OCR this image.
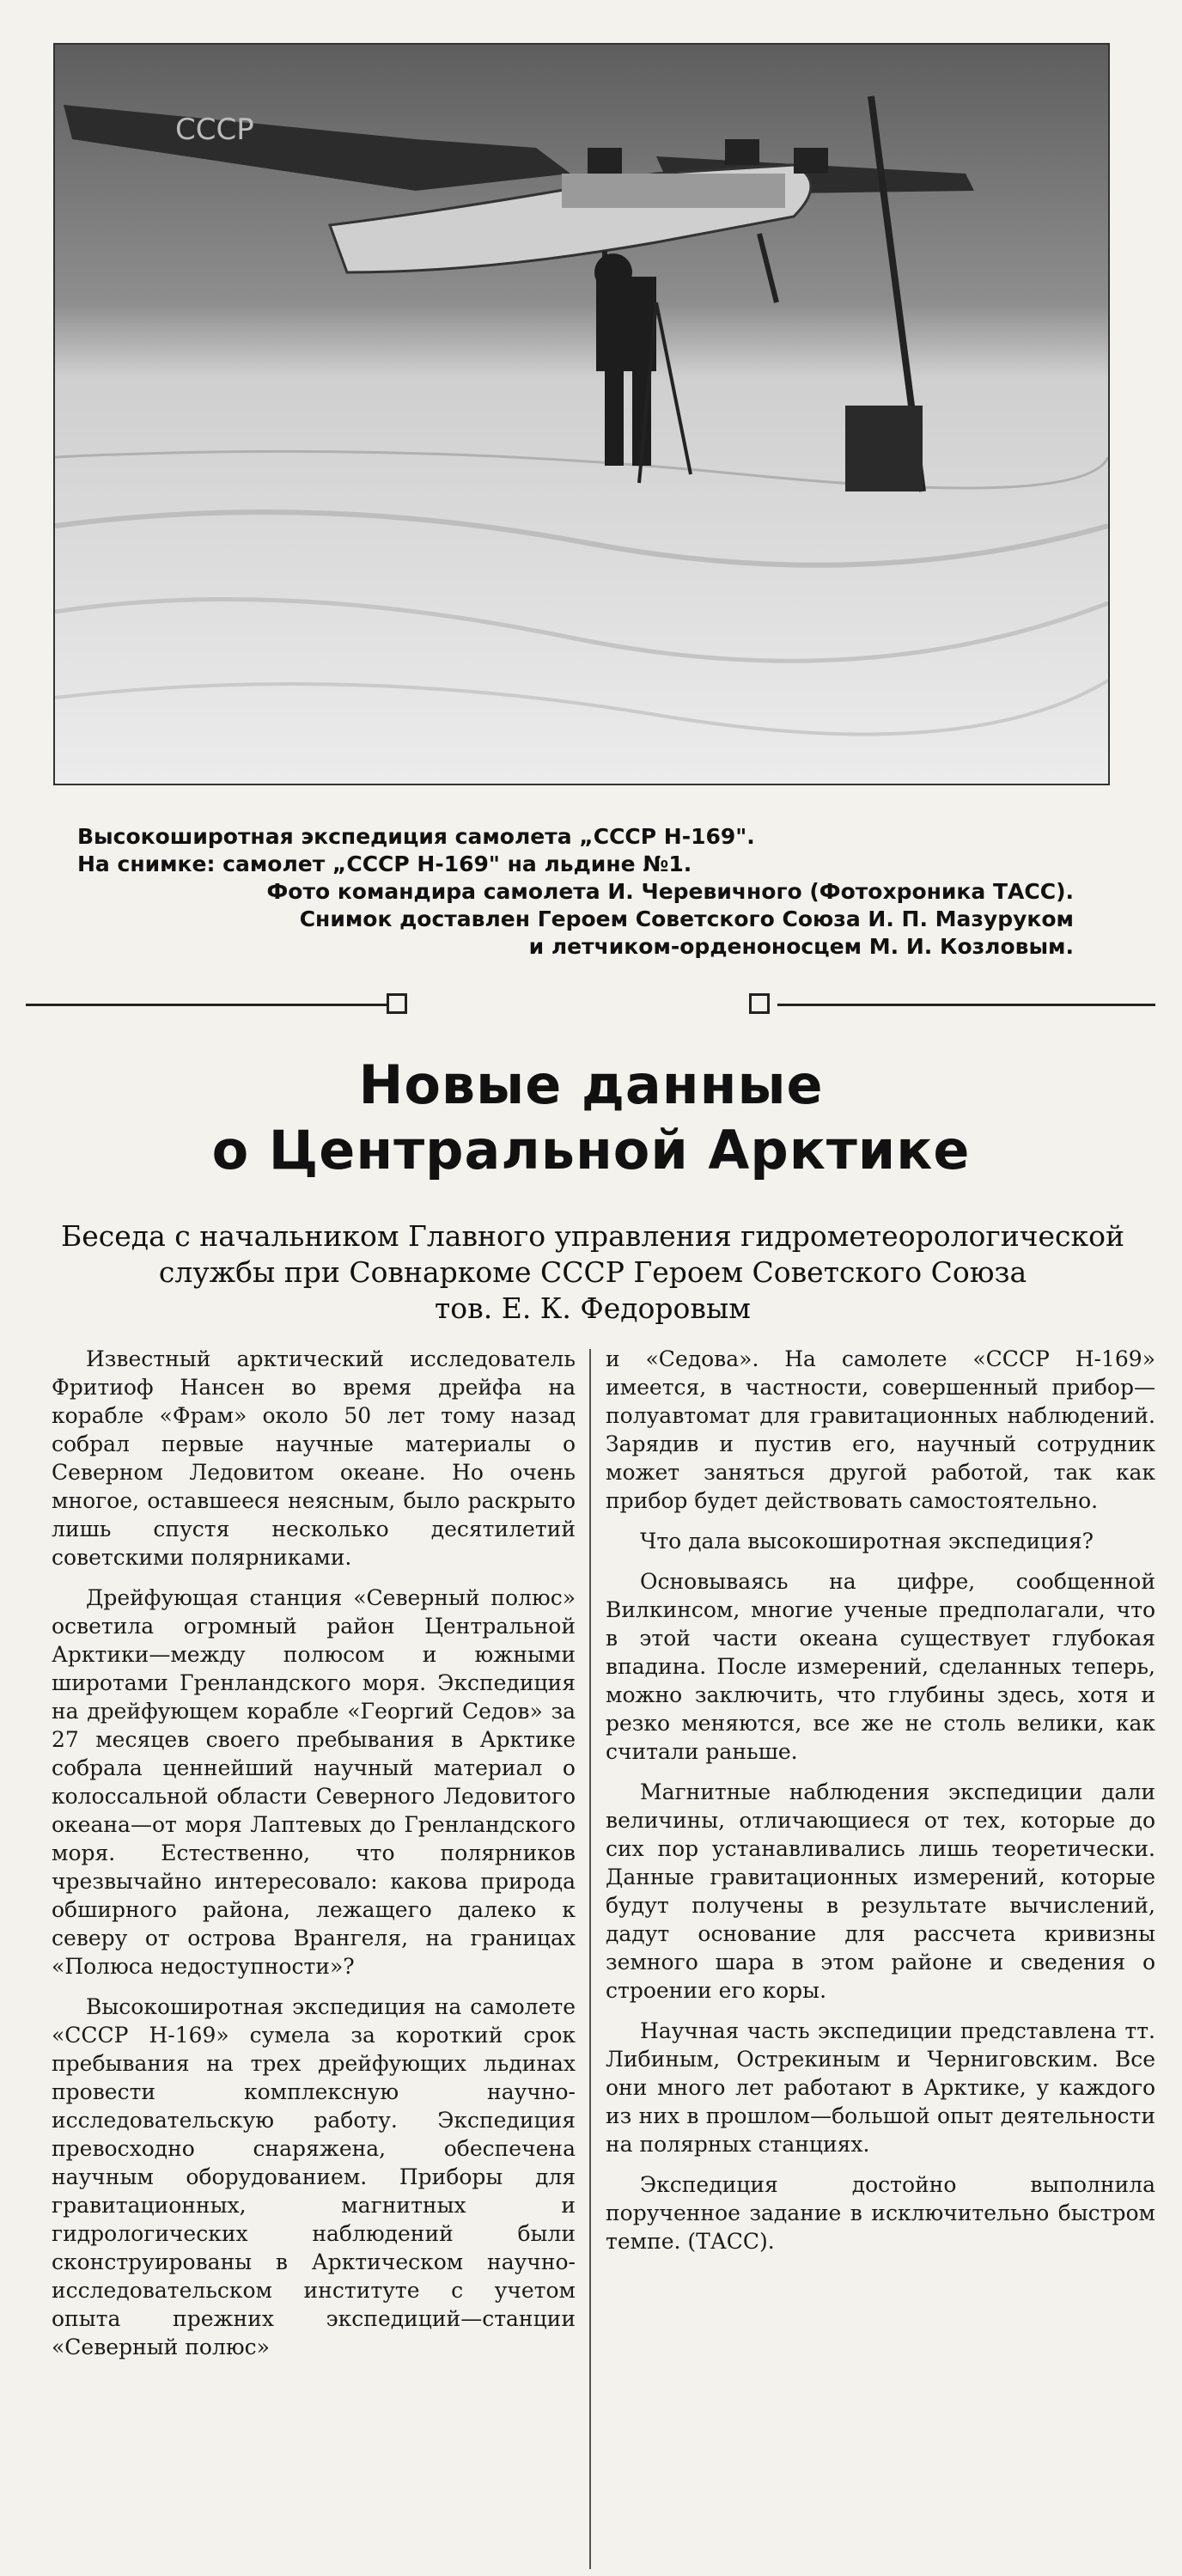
СССР
Высокоширотная экспедиция самолета „СССР Н-169".
На снимке: самолет „СССР Н-169" на льдине №1.
Фото командира самолета И. Черевичного (Фотохроника ТАСС).
Снимок доставлен Героем Советского Союза И. П. Мазуруком
и летчиком-орденоносцем М. И. Козловым.
Новые данные
о Центральной Арктике
Беседа с начальником Главного управления гидрометеорологической
службы при Совнаркоме СССР Героем Советского Союза
тов. Е. К. Федоровым

Известный арктический исследователь Фритиоф Нансен во время дрейфа на корабле «Фрам» около 50 лет тому назад собрал первые научные материалы о Северном Ледовитом океане. Но очень многое, оставшееся неясным, было раскрыто лишь спустя несколько десятилетий советскими полярниками.

Дрейфующая станция «Северный полюс» осветила огромный район Центральной Арктики—между полюсом и южными широтами Гренландского моря. Экспедиция на дрейфующем корабле «Георгий Седов» за 27 месяцев своего пребывания в Арктике собрала ценнейший научный материал о колоссальной области Северного Ледовитого океана—от моря Лаптевых до Гренландского моря. Естественно, что полярников чрезвычайно интересовало: какова природа обширного района, лежащего далеко к северу от острова Врангеля, на границах «Полюса недоступности»?

Высокоширотная экспедиция на самолете «СССР Н-169» сумела за короткий срок пребывания на трех дрейфующих льдинах провести комплексную научно-исследовательскую работу. Экспедиция превосходно снаряжена, обеспечена научным оборудованием. Приборы для гравитационных, магнитных и гидрологических наблюдений были сконструированы в Арктическом научно-исследовательском институте с учетом опыта прежних экспедиций—станции «Северный полюс»

и «Седова». На самолете «СССР Н-169» имеется, в частности, совершенный прибор—полуавтомат для гравитационных наблюдений. Зарядив и пустив его, научный сотрудник может заняться другой работой, так как прибор будет действовать самостоятельно.

Что дала высокоширотная экспедиция?

Основываясь на цифре, сообщенной Вилкинсом, многие ученые предполагали, что в этой части океана существует глубокая впадина. После измерений, сделанных теперь, можно заключить, что глубины здесь, хотя и резко меняются, все же не столь велики, как считали раньше.

Магнитные наблюдения экспедиции дали величины, отличающиеся от тех, которые до сих пор устанавливались лишь теоретически. Данные гравитационных измерений, которые будут получены в результате вычислений, дадут основание для рассчета кривизны земного шара в этом районе и сведения о строении его коры.

Научная часть экспедиции представлена тт. Либиным, Острекиным и Черниговским. Все они много лет работают в Арктике, у каждого из них в прошлом—большой опыт деятельности на полярных станциях.

Экспедиция достойно выполнила порученное задание в исключительно быстром темпе. (ТАСС).
